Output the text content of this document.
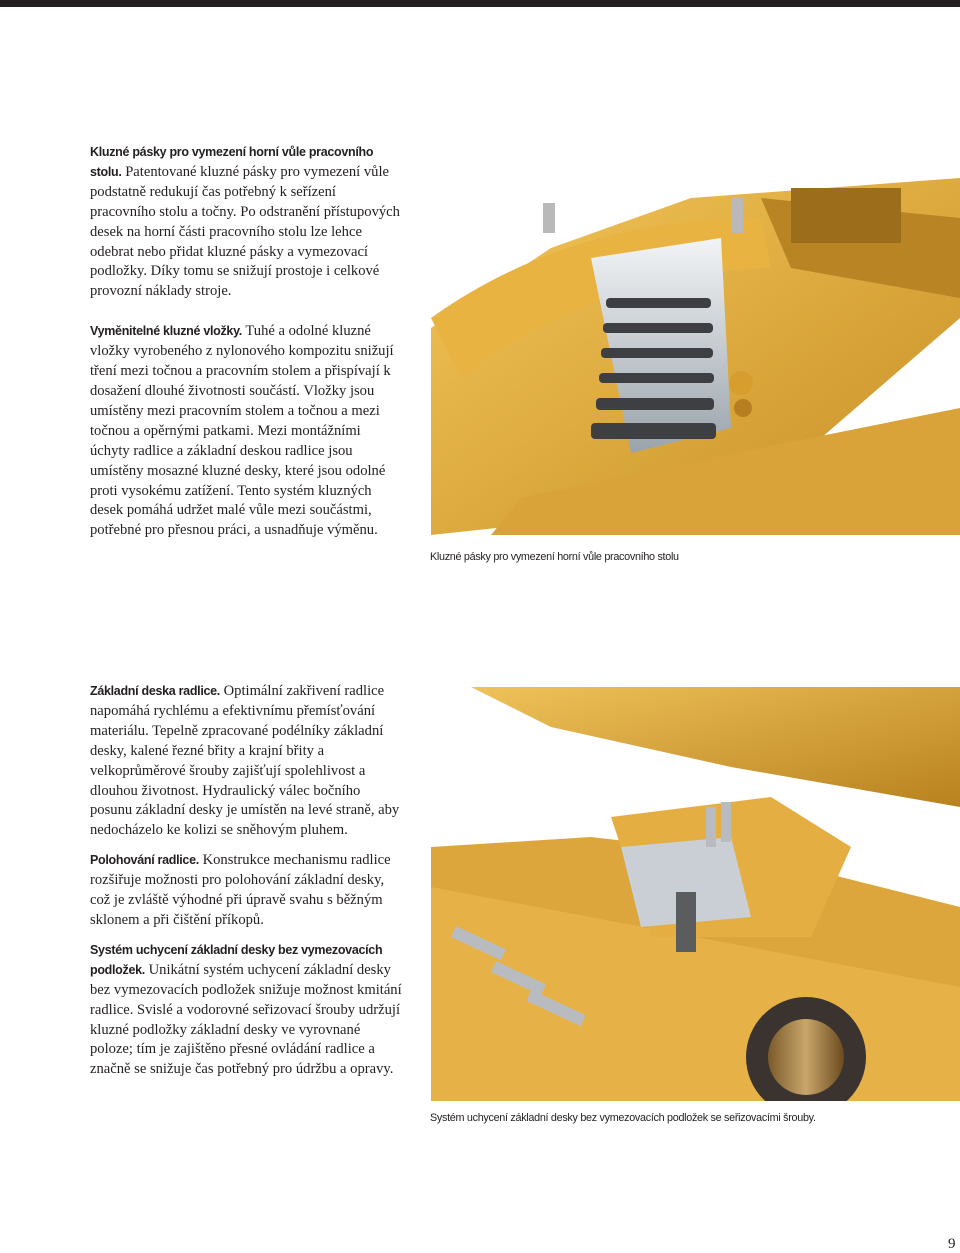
Kluzné pásky pro vymezení horní vůle pracovního stolu. Patentované kluzné pásky pro vymezení vůle podstatně redukují čas potřebný k seřízení pracovního stolu a točny. Po odstranění přístupových desek na horní části pracovního stolu lze lehce odebrat nebo přidat kluzné pásky a vymezovací podložky. Díky tomu se snižují prostoje i celkové provozní náklady stroje.

Vyměnitelné kluzné vložky. Tuhé a odolné kluzné vložky vyrobeného z nylonového kompozitu snižují tření mezi točnou a pracovním stolem a přispívají k dosažení dlouhé životnosti součástí. Vložky jsou umístěny mezi pracovním stolem a točnou a mezi točnou a opěrnými patkami. Mezi montážními úchyty radlice a základní deskou radlice jsou umístěny mosazné kluzné desky, které jsou odolné proti vysokému zatížení. Tento systém kluzných desek pomáhá udržet malé vůle mezi součástmi, potřebné pro přesnou práci, a usnadňuje výměnu.

Základní deska radlice. Optimální zakřivení radlice napomáhá rychlému a efektivnímu přemísťování materiálu. Tepelně zpracované podélníky základní desky, kalené řezné břity a krajní břity a velkoprůměrové šrouby zajišťují spolehlivost a dlouhou životnost. Hydraulický válec bočního posunu základní desky je umístěn na levé straně, aby nedocházelo ke kolizi se sněhovým pluhem.

Polohování radlice. Konstrukce mechanismu radlice rozšiřuje možnosti pro polohování základní desky, což je zvláště výhodné při úpravě svahu s běžným sklonem a při čištění příkopů.

Systém uchycení základní desky bez vymezovacích podložek. Unikátní systém uchycení základní desky bez vymezovacích podložek snižuje možnost kmitání radlice. Svislé a vodorovné seřizovací šrouby udržují kluzné podložky základní desky ve vyrovnané poloze; tím je zajištěno přesné ovládání radlice a značně se snižuje čas potřebný pro údržbu a opravy.

Kluzné pásky pro vymezení horní vůle pracovního stolu
Systém uchycení základní desky bez vymezovacích podložek se seřizovacími šrouby.
9
